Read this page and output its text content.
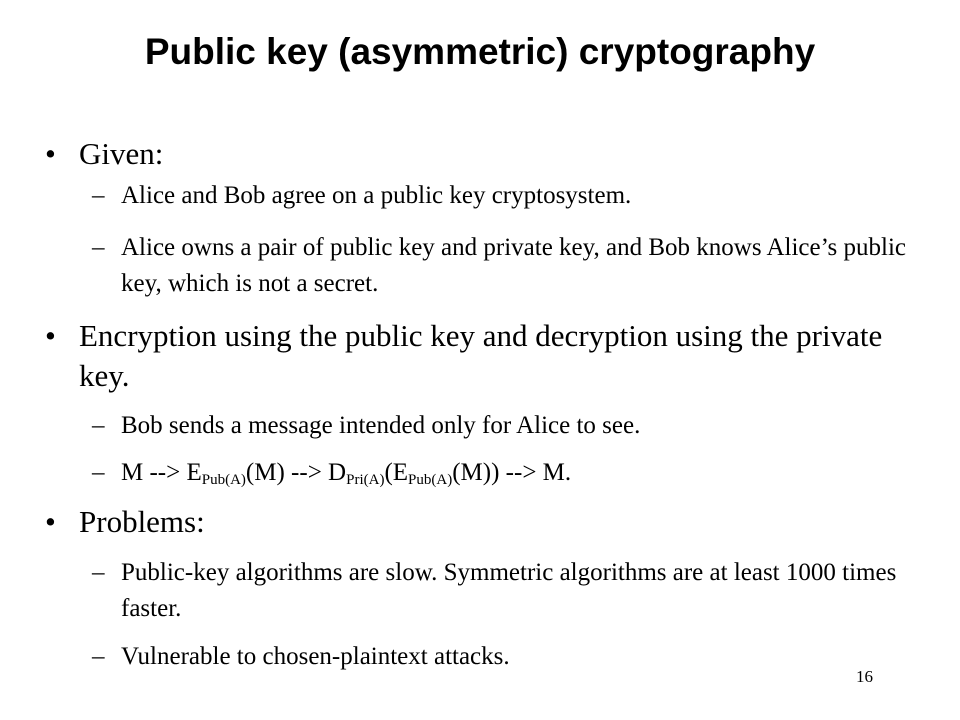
Public key (asymmetric) cryptography
• Given:
– Alice and Bob agree on a public key cryptosystem.
– Alice owns a pair of public key and private key, and Bob knows Alice’s public key, which is not a secret.
• Encryption using the public key and decryption using the private key.
– Bob sends a message intended only for Alice to see.
– M --> $E_{Pub(A)}(M)$ --> $D_{Pri(A)}(E_{Pub(A)}(M))$ --> M.
• Problems:
– Public-key algorithms are slow. Symmetric algorithms are at least 1000 times faster.
– Vulnerable to chosen-plaintext attacks.
16
